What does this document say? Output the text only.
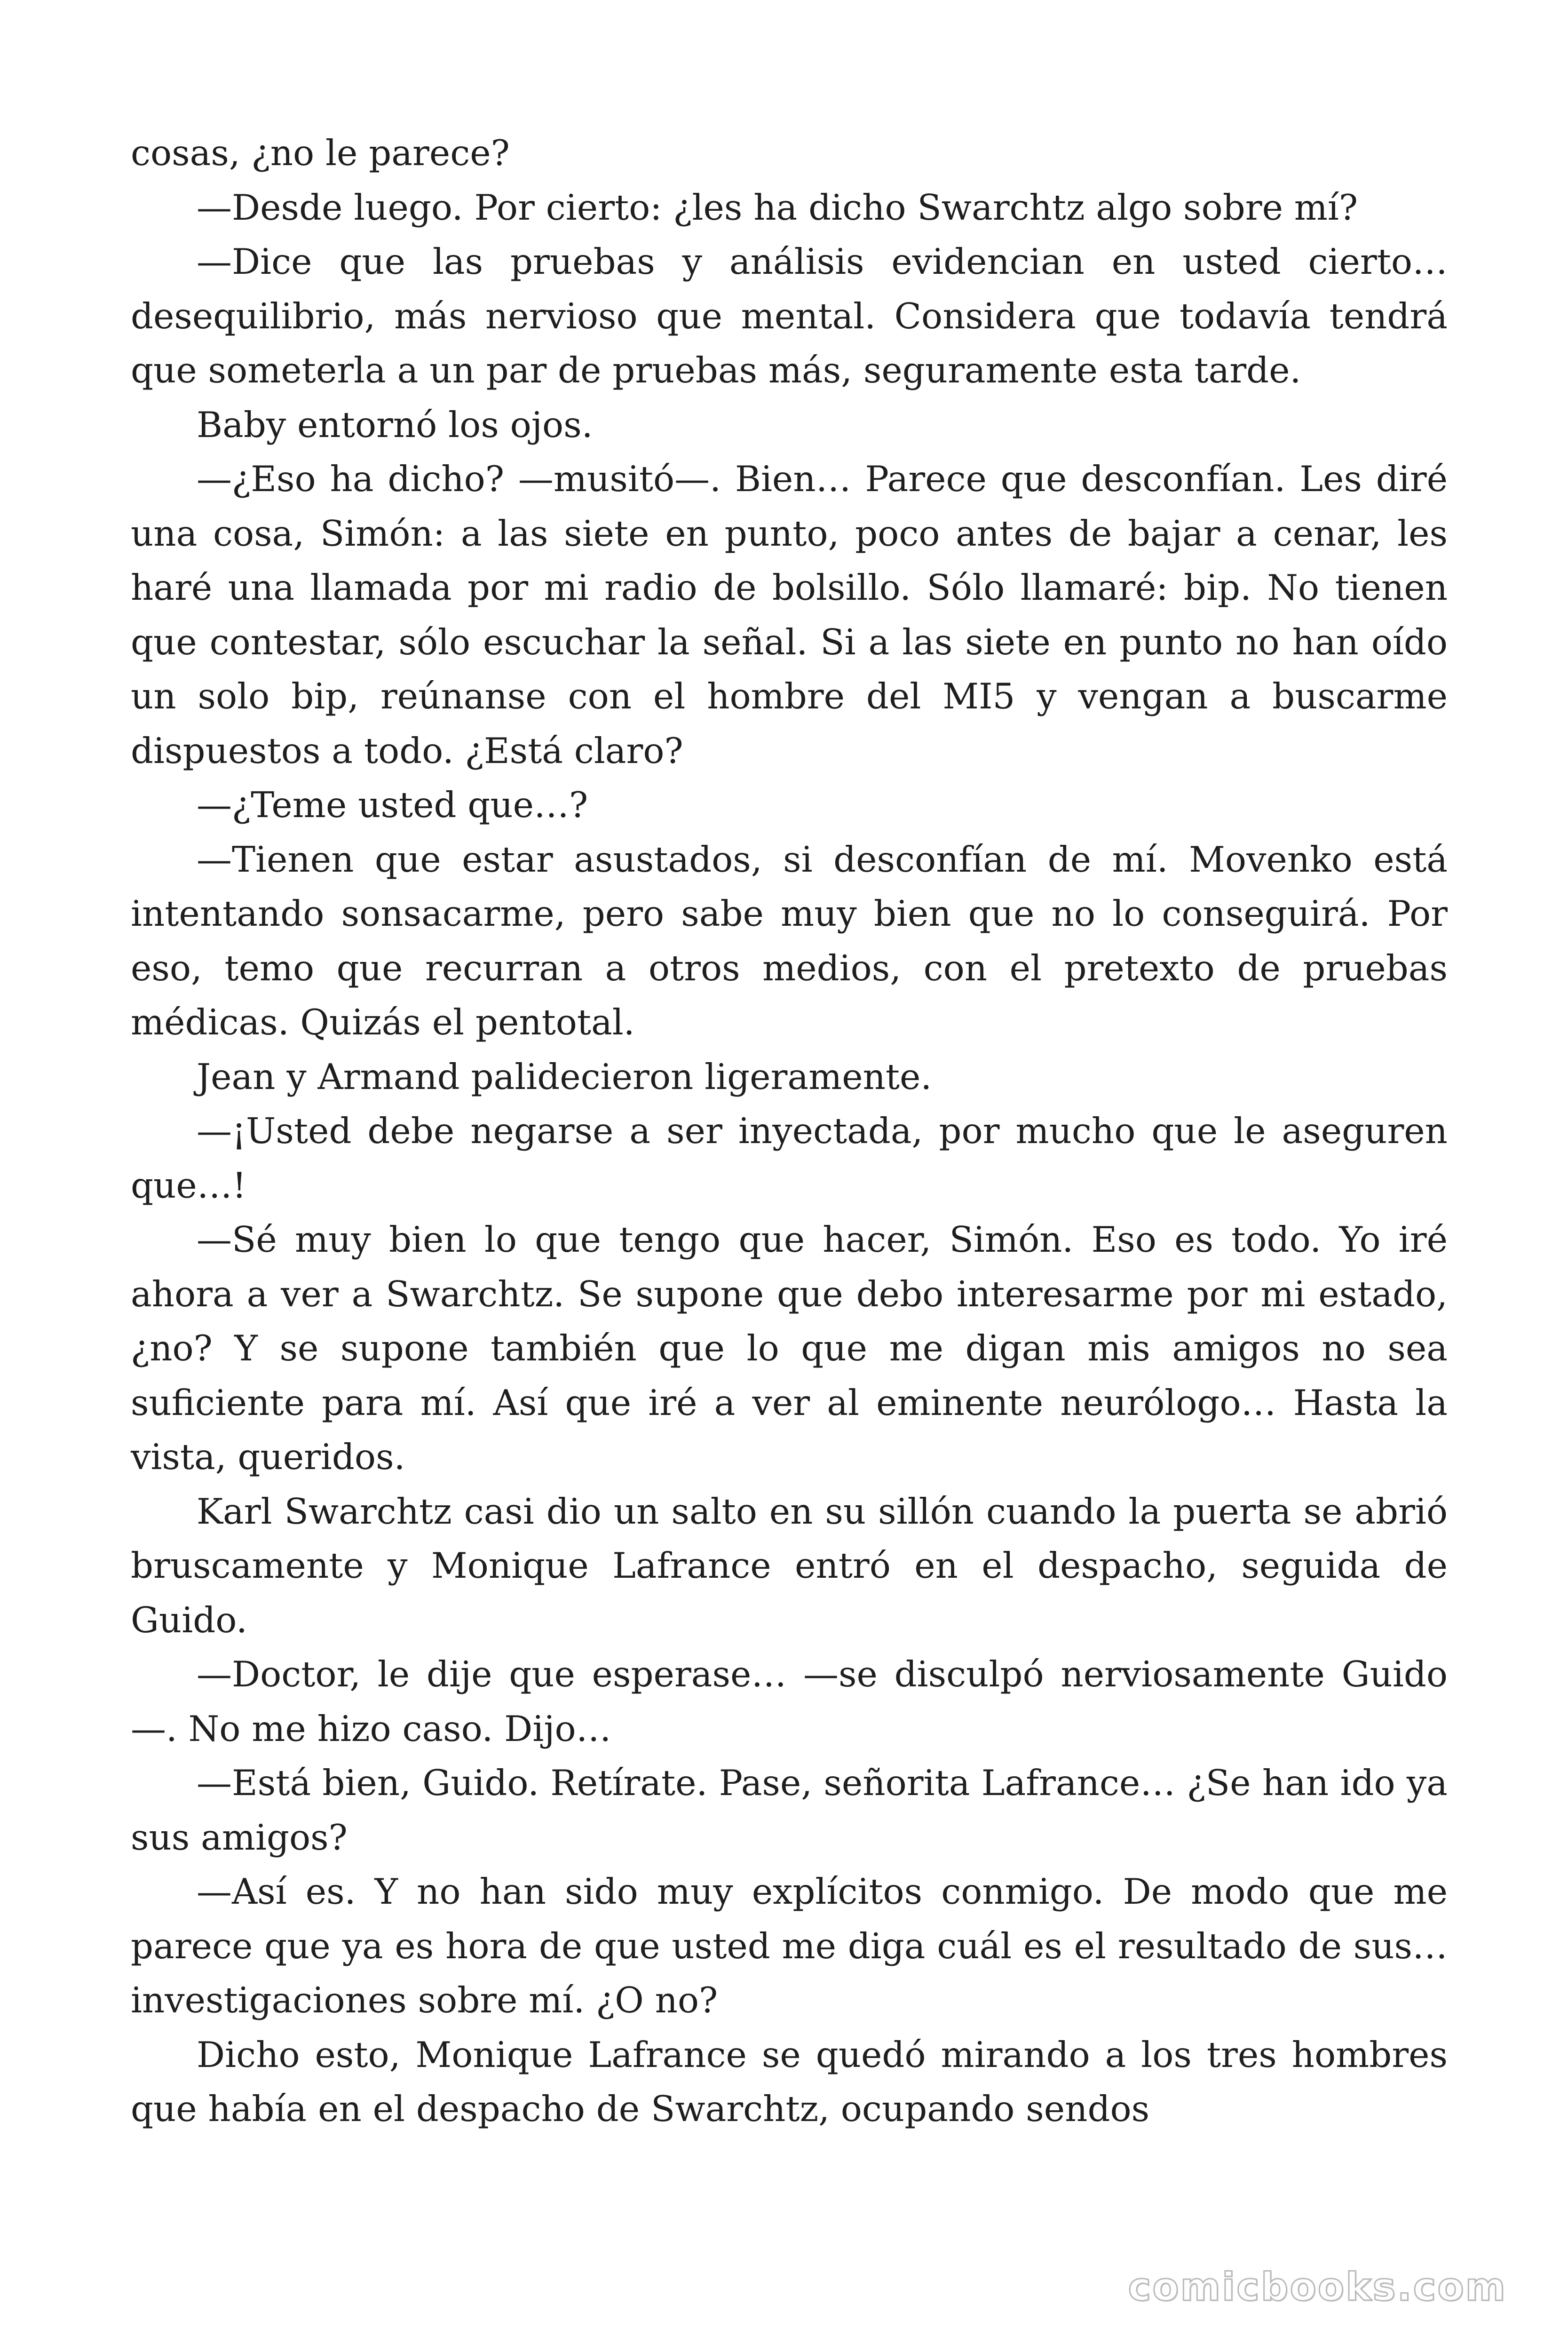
cosas, ¿no le parece?

—Desde luego. Por cierto: ¿les ha dicho Swarchtz algo sobre mí?

—Dice que las pruebas y análisis evidencian en usted cierto… desequilibrio, más nervioso que mental. Considera que todavía tendrá que someterla a un par de pruebas más, seguramente esta tarde.

Baby entornó los ojos.

—¿Eso ha dicho? —musitó—. Bien… Parece que desconfían. Les diré una cosa, Simón: a las siete en punto, poco antes de bajar a cenar, les haré una llamada por mi radio de bolsillo. Sólo llamaré: bip. No tienen que contestar, sólo escuchar la señal. Si a las siete en punto no han oído un solo bip, reúnanse con el hombre del MI5 y vengan a buscarme dispuestos a todo. ¿Está claro?

—¿Teme usted que…?

—Tienen que estar asustados, si desconfían de mí. Movenko está intentando sonsacarme, pero sabe muy bien que no lo conseguirá. Por eso, temo que recurran a otros medios, con el pretexto de pruebas médicas. Quizás el pentotal.

Jean y Armand palidecieron ligeramente.

—¡Usted debe negarse a ser inyectada, por mucho que le aseguren que…!

—Sé muy bien lo que tengo que hacer, Simón. Eso es todo. Yo iré ahora a ver a Swarchtz. Se supone que debo interesarme por mi estado, ¿no? Y se supone también que lo que me digan mis amigos no sea suficiente para mí. Así que iré a ver al eminente neurólogo… Hasta la vista, queridos.

Karl Swarchtz casi dio un salto en su sillón cuando la puerta se abrió bruscamente y Monique Lafrance entró en el despacho, seguida de Guido.

—Doctor, le dije que esperase… —se disculpó nerviosamente Guido—. No me hizo caso. Dijo…

—Está bien, Guido. Retírate. Pase, señorita Lafrance… ¿Se han ido ya sus amigos?

—Así es. Y no han sido muy explícitos conmigo. De modo que me parece que ya es hora de que usted me diga cuál es el resultado de sus… investigaciones sobre mí. ¿O no?

Dicho esto, Monique Lafrance se quedó mirando a los tres hombres que había en el despacho de Swarchtz, ocupando sendos

comicbooks.com
